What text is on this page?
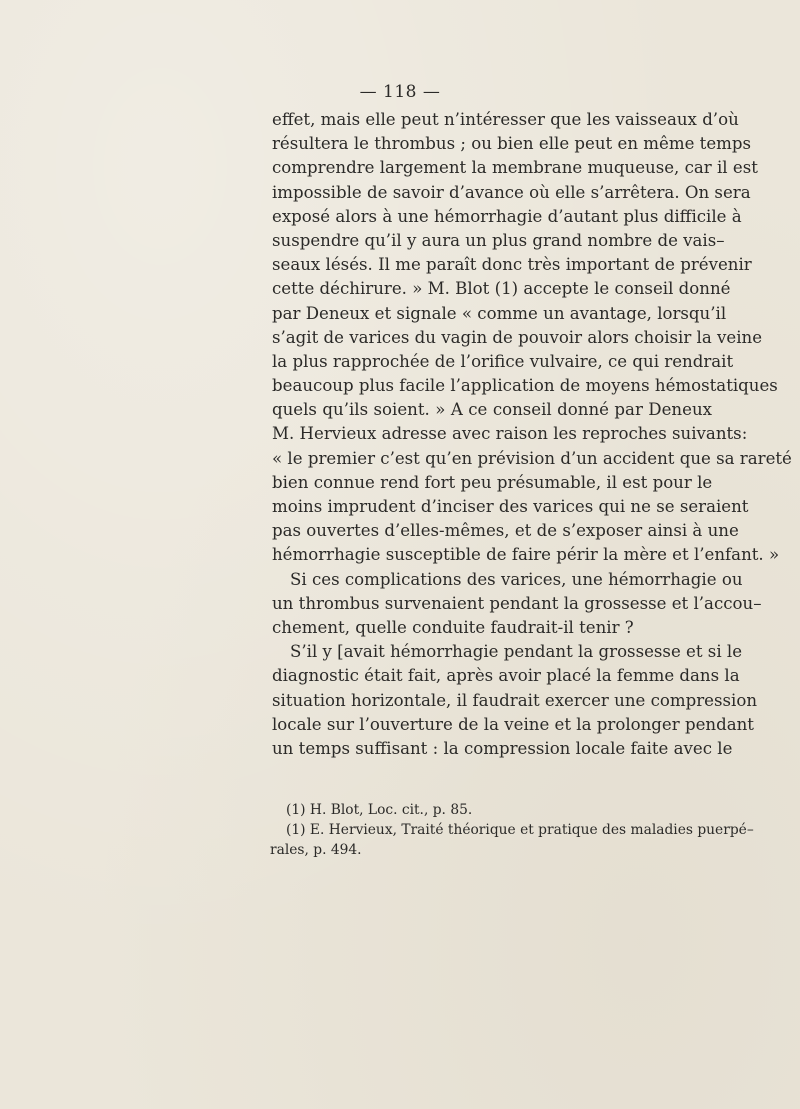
— 118 —
effet, mais elle peut n’intéresser que les vaisseaux d’où
résultera le thrombus ; ou bien elle peut en même temps
comprendre largement la membrane muqueuse, car il est
impossible de savoir d’avance où elle s’arrêtera. On sera
exposé alors à une hémorrhagie d’autant plus difficile à
suspendre qu’il y aura un plus grand nombre de vais–
seaux lésés. Il me paraît donc très important de prévenir
cette déchirure. » M. Blot (1) accepte le conseil donné
par Deneux et signale « comme un avantage, lorsqu’il
s’agit de varices du vagin de pouvoir alors choisir la veine
la plus rapprochée de l’orifice vulvaire, ce qui rendrait
beaucoup plus facile l’application de moyens hémostatiques
quels qu’ils soient. » A ce conseil donné par Deneux
M. Hervieux adresse avec raison les reproches suivants:
« le premier c’est qu’en prévision d’un accident que sa rareté
bien connue rend fort peu présumable, il est pour le
moins imprudent d’inciser des varices qui ne se seraient
pas ouvertes d’elles-mêmes, et de s’exposer ainsi à une
hémorrhagie susceptible de faire périr la mère et l’enfant. »
Si ces complications des varices, une hémorrhagie ou
un thrombus survenaient pendant la grossesse et l’accou–
chement, quelle conduite faudrait-il tenir ?
S’il y [avait hémorrhagie pendant la grossesse et si le
diagnostic était fait, après avoir placé la femme dans la
situation horizontale, il faudrait exercer une compression
locale sur l’ouverture de la veine et la prolonger pendant
un temps suffisant : la compression locale faite avec le
(1) H. Blot, Loc. cit., p. 85.
(1) E. Hervieux, Traité théorique et pratique des maladies puerpé–
rales, p. 494.
